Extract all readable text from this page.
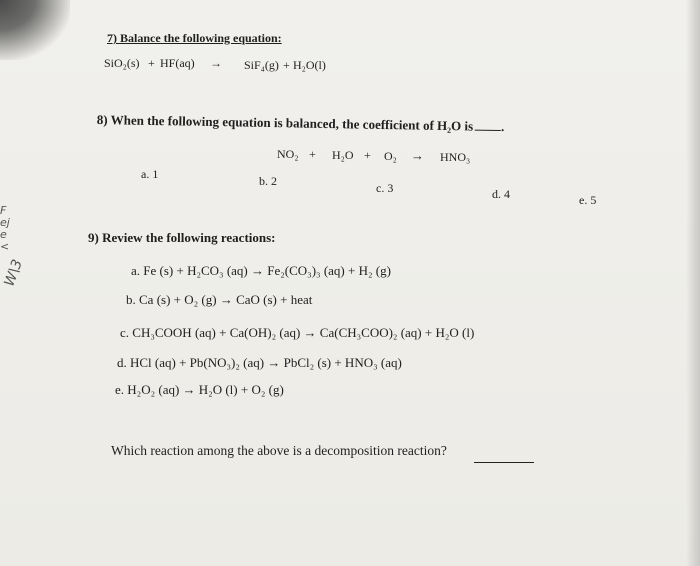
F
ej
e
<
W\3
7) Balance the following equation:
SiO₂(s) + HF(aq) → SiF₄(g) + H₂O(l)
8) When the following equation is balanced, the coefficient of H₂O is .
NO₂ + H₂O + O₂ → HNO₃
a. 1	b. 2	c. 3	d. 4	e. 5
9) Review the following reactions:
a. Fe (s) + H₂CO₃ (aq) → Fe₂(CO₃)₃ (aq) + H₂ (g)
b. Ca (s) + O₂ (g) → CaO (s) + heat
c. CH₃COOH (aq) + Ca(OH)₂ (aq) → Ca(CH₃COO)₂ (aq) + H₂O (l)
d. HCl (aq) + Pb(NO₃)₂ (aq) → PbCl₂ (s) + HNO₃ (aq)
e. H₂O₂ (aq) → H₂O (l) + O₂ (g)
Which reaction among the above is a decomposition reaction?
